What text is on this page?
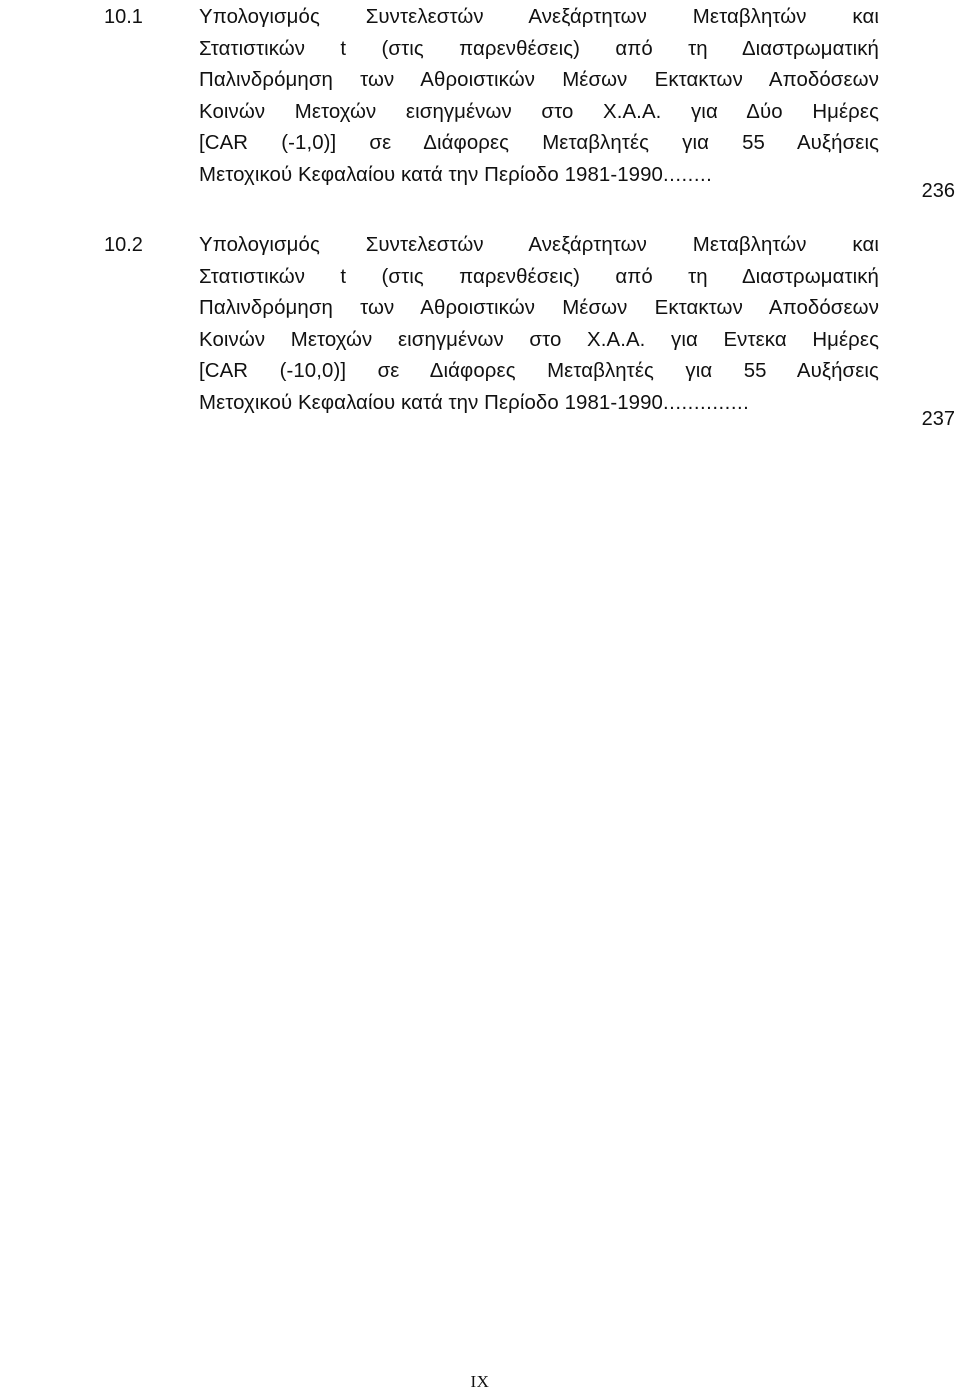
10.1	Υπολογισμός Συντελεστών Ανεξάρτητων Μεταβλητών και
Στατιστικών t (στις παρενθέσεις) από τη Διαστρωματική
Παλινδρόμηση των Αθροιστικών Μέσων Εκτακτων Αποδόσεων
Κοινών Μετοχών εισηγμένων στο Χ.Α.Α. για Δύο Ημέρες
[CAR (-1,0)] σε Διάφορες Μεταβλητές για 55 Αυξήσεις
Μετοχικού Κεφαλαίου κατά την Περίοδο 1981-1990........
236
10.2	Υπολογισμός Συντελεστών Ανεξάρτητων Μεταβλητών και
Στατιστικών t (στις παρενθέσεις) από τη Διαστρωματική
Παλινδρόμηση των Αθροιστικών Μέσων Εκτακτων Αποδόσεων
Κοινών Μετοχών εισηγμένων στο Χ.Α.Α. για Εντεκα Ημέρες
[CAR (-10,0)] σε Διάφορες Μεταβλητές για 55 Αυξήσεις
Μετοχικού Κεφαλαίου κατά την Περίοδο 1981-1990..............
237
IX
